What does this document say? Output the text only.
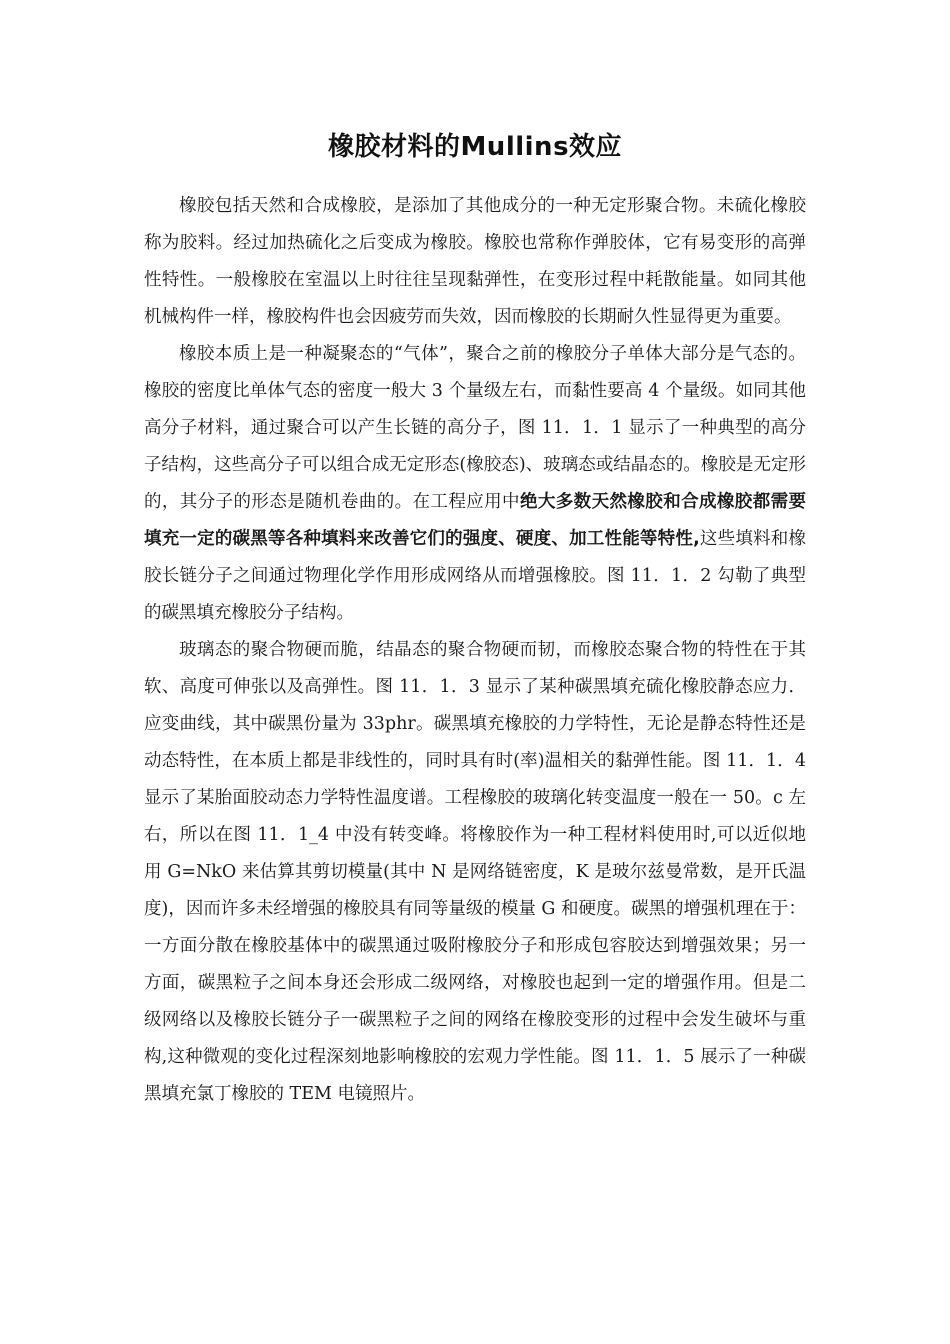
橡胶材料的Mullins效应

橡胶包括天然和合成橡胶，是添加了其他成分的一种无定形聚合物。未硫化橡胶称为胶料。经过加热硫化之后变成为橡胶。橡胶也常称作弹胶体，它有易变形的高弹性特性。一般橡胶在室温以上时往往呈现黏弹性，在变形过程中耗散能量。如同其他机械构件一样，橡胶构件也会因疲劳而失效，因而橡胶的长期耐久性显得更为重要。

橡胶本质上是一种凝聚态的“气体”，聚合之前的橡胶分子单体大部分是气态的。橡胶的密度比单体气态的密度一般大 3 个量级左右，而黏性要高 4 个量级。如同其他高分子材料，通过聚合可以产生长链的高分子，图 11．1．1 显示了一种典型的高分子结构，这些高分子可以组合成无定形态(橡胶态)、玻璃态或结晶态的。橡胶是无定形的，其分子的形态是随机卷曲的。在工程应用中绝大多数天然橡胶和合成橡胶都需要填充一定的碳黑等各种填料来改善它们的强度、硬度、加工性能等特性,这些填料和橡胶长链分子之间通过物理化学作用形成网络从而增强橡胶。图 11．1．2 勾勒了典型的碳黑填充橡胶分子结构。

玻璃态的聚合物硬而脆，结晶态的聚合物硬而韧，而橡胶态聚合物的特性在于其软、高度可伸张以及高弹性。图 11．1．3 显示了某种碳黑填充硫化橡胶静态应力．应变曲线，其中碳黑份量为 33phr。碳黑填充橡胶的力学特性，无论是静态特性还是动态特性，在本质上都是非线性的，同时具有时(率)温相关的黏弹性能。图 11．1．4 显示了某胎面胶动态力学特性温度谱。工程橡胶的玻璃化转变温度一般在一 50。c 左右，所以在图 11．1_4 中没有转变峰。将橡胶作为一种工程材料使用时,可以近似地用 G=NkO 来估算其剪切模量(其中 N 是网络链密度，K 是玻尔兹曼常数，是开氏温度)，因而许多未经增强的橡胶具有同等量级的模量 G 和硬度。碳黑的增强机理在于：一方面分散在橡胶基体中的碳黑通过吸附橡胶分子和形成包容胶达到增强效果；另一方面，碳黑粒子之间本身还会形成二级网络，对橡胶也起到一定的增强作用。但是二级网络以及橡胶长链分子一碳黑粒子之间的网络在橡胶变形的过程中会发生破坏与重构,这种微观的变化过程深刻地影响橡胶的宏观力学性能。图 11．1．5 展示了一种碳黑填充氯丁橡胶的 TEM 电镜照片。
